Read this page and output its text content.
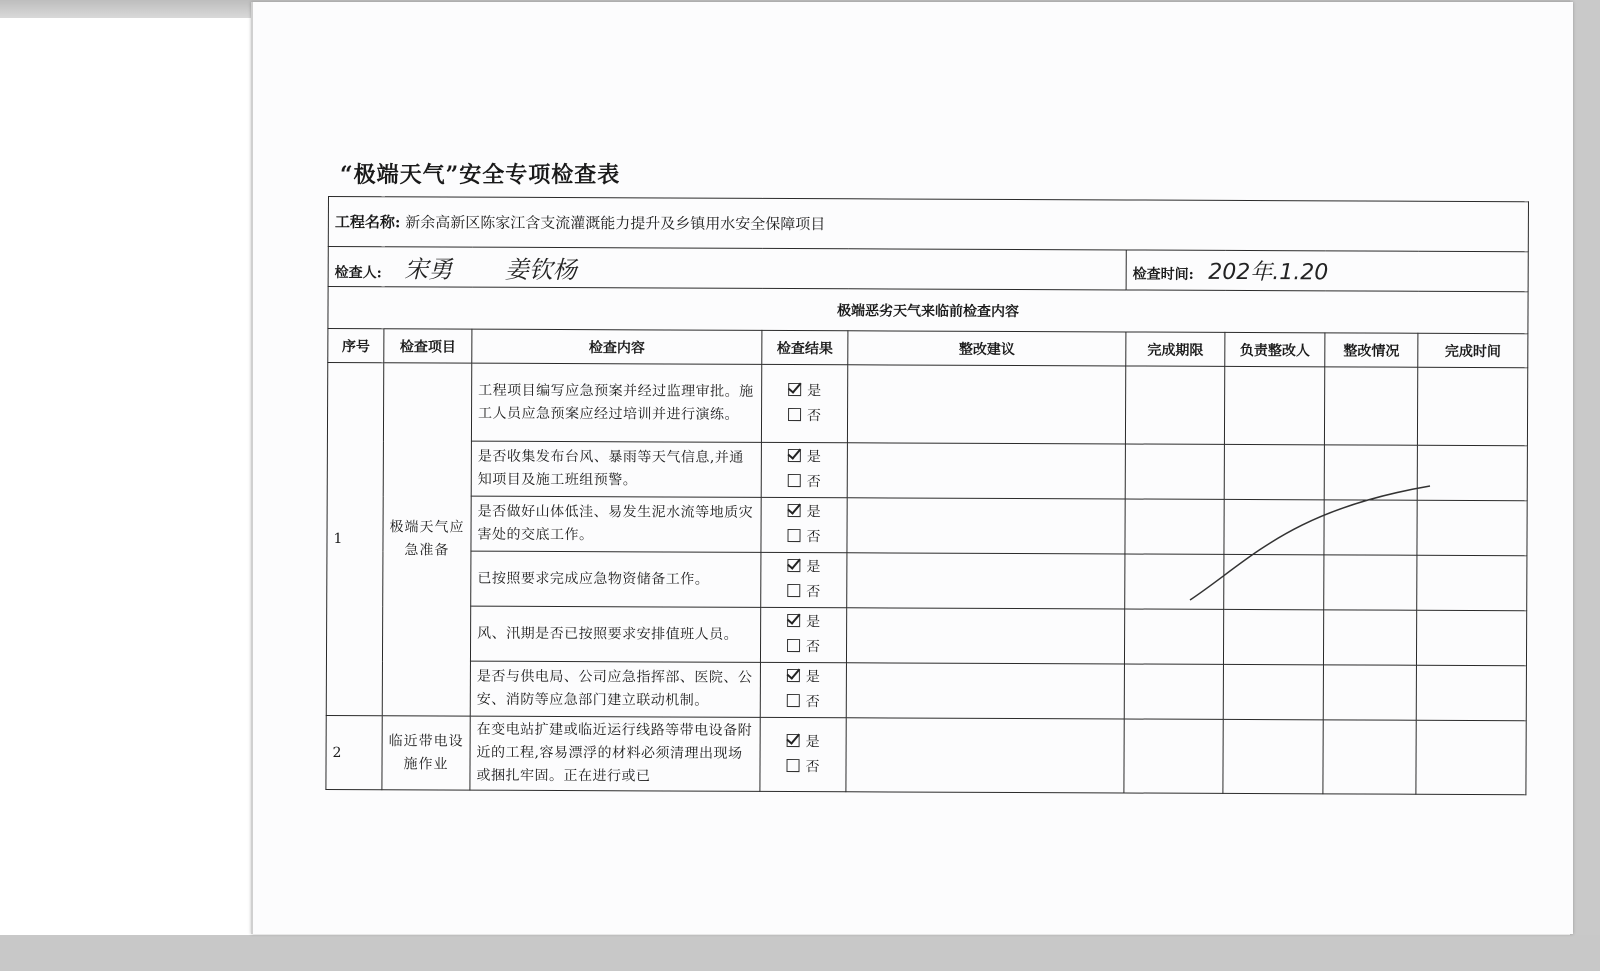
“极端天气”安全专项检查表
工程名称: 新余高新区陈家江含支流灌溉能力提升及乡镇用水安全保障项目								
检查人: 宋勇 姜钦杨					检查时间: 202年.1.20			
极端恶劣天气来临前检查内容								
序号	检查项目	检查内容	检查结果	整改建议	完成期限	负责整改人	整改情况	完成时间
1	极端天气应急准备	工程项目编写应急预案并经过监理审批。施工人员应急预案应经过培训并进行演练。	是
否					

		是否收集发布台风、暴雨等天气信息,并通知项目及施工班组预警。	是
否					

		是否做好山体低洼、易发生泥水流等地质灾害处的交底工作。	是
否					

		已按照要求完成应急物资储备工作。	是
否					

		风、汛期是否已按照要求安排值班人员。	是
否					

		是否与供电局、公司应急指挥部、医院、公安、消防等应急部门建立联动机制。	是
否					

2	临近带电设施作业	在变电站扩建或临近运行线路等带电设备附近的工程,容易漂浮的材料必须清理出现场或捆扎牢固。正在进行或已	是
否					
